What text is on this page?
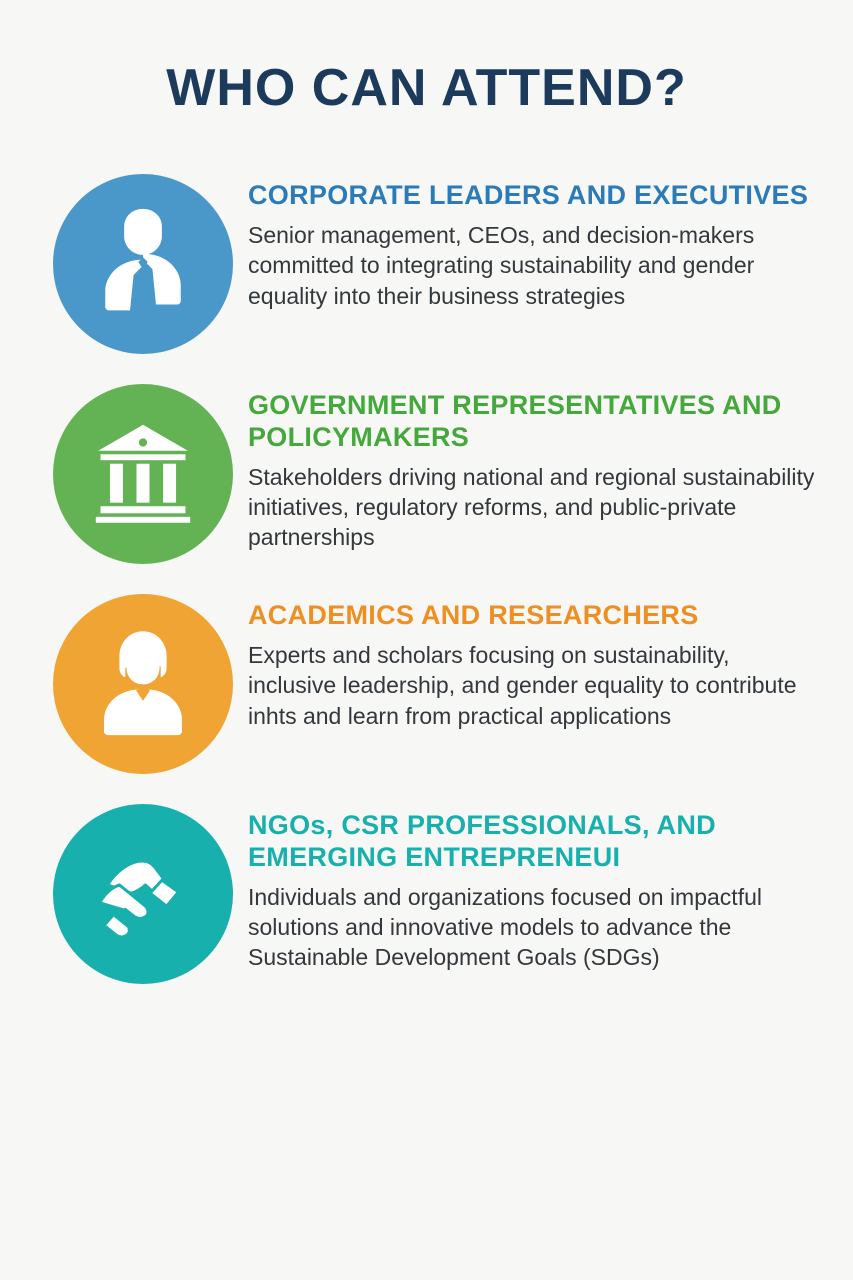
WHO CAN ATTEND?

CORPORATE LEADERS AND EXECUTIVES

Senior management, CEOs, and decision-makers committed to integrating sustainability and gender equality into their business strategies

GOVERNMENT REPRESENTATIVES AND POLICYMAKERS

Stakeholders driving national and regional sustainability initiatives, regulatory reforms, and public-private partnerships

ACADEMICS AND RESEARCHERS

Experts and scholars focusing on sustainability, inclusive leadership, and gender equality to contribute inhts and learn from practical applications

NGOs, CSR PROFESSIONALS, AND EMERGING ENTREPRENEUI

Individuals and organizations focused on impactful solutions and innovative models to advance the Sustainable Development Goals (SDGs)
